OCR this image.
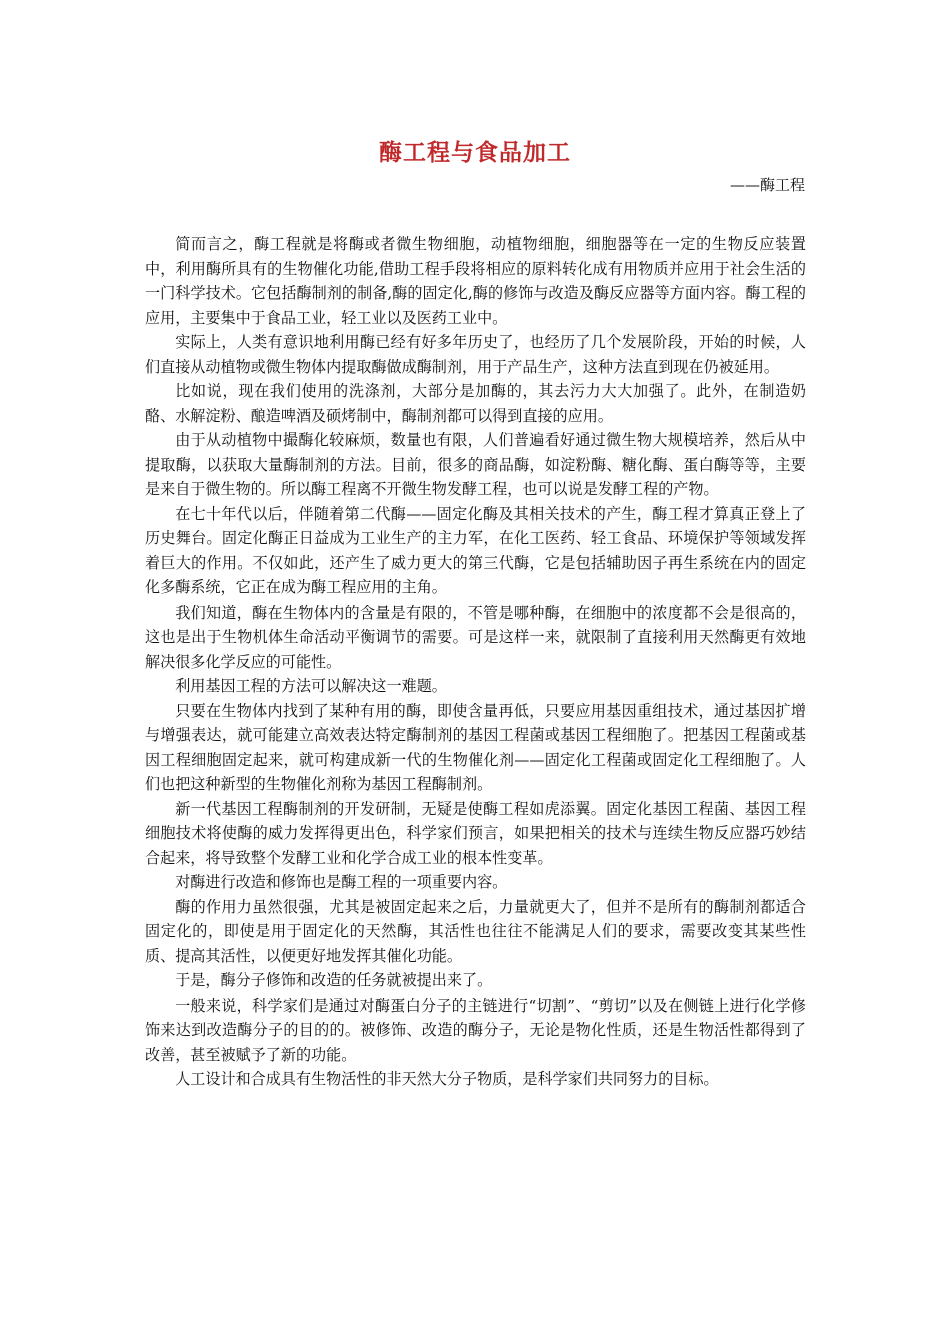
酶工程与食品加工
——酶工程

简而言之，酶工程就是将酶或者微生物细胞，动植物细胞，细胞器等在一定的生物反应装置中，利用酶所具有的生物催化功能,借助工程手段将相应的原料转化成有用物质并应用于社会生活的一门科学技术。它包括酶制剂的制备,酶的固定化,酶的修饰与改造及酶反应器等方面内容。酶工程的应用，主要集中于食品工业，轻工业以及医药工业中。

实际上，人类有意识地利用酶已经有好多年历史了，也经历了几个发展阶段，开始的时候，人们直接从动植物或微生物体内提取酶做成酶制剂，用于产品生产，这种方法直到现在仍被延用。

比如说，现在我们使用的洗涤剂，大部分是加酶的，其去污力大大加强了。此外，在制造奶酪、水解淀粉、酿造啤酒及硕烤制中，酶制剂都可以得到直接的应用。

由于从动植物中撮酶化较麻烦，数量也有限，人们普遍看好通过微生物大规模培养，然后从中提取酶，以获取大量酶制剂的方法。目前，很多的商品酶，如淀粉酶、糖化酶、蛋白酶等等，主要是来自于微生物的。所以酶工程离不开微生物发酵工程，也可以说是发酵工程的产物。

在七十年代以后，伴随着第二代酶——固定化酶及其相关技术的产生，酶工程才算真正登上了历史舞台。固定化酶正日益成为工业生产的主力军，在化工医药、轻工食品、环境保护等领域发挥着巨大的作用。不仅如此，还产生了威力更大的第三代酶，它是包括辅助因子再生系统在内的固定化多酶系统，它正在成为酶工程应用的主角。

我们知道，酶在生物体内的含量是有限的，不管是哪种酶，在细胞中的浓度都不会是很高的，这也是出于生物机体生命活动平衡调节的需要。可是这样一来，就限制了直接利用天然酶更有效地解决很多化学反应的可能性。

利用基因工程的方法可以解决这一难题。

只要在生物体内找到了某种有用的酶，即使含量再低，只要应用基因重组技术，通过基因扩增与增强表达，就可能建立高效表达特定酶制剂的基因工程菌或基因工程细胞了。把基因工程菌或基因工程细胞固定起来，就可构建成新一代的生物催化剂——固定化工程菌或固定化工程细胞了。人们也把这种新型的生物催化剂称为基因工程酶制剂。

新一代基因工程酶制剂的开发研制，无疑是使酶工程如虎添翼。固定化基因工程菌、基因工程细胞技术将使酶的威力发挥得更出色，科学家们预言，如果把相关的技术与连续生物反应器巧妙结合起来，将导致整个发酵工业和化学合成工业的根本性变革。

对酶进行改造和修饰也是酶工程的一项重要内容。

酶的作用力虽然很强，尤其是被固定起来之后，力量就更大了，但并不是所有的酶制剂都适合固定化的，即使是用于固定化的天然酶，其活性也往往不能满足人们的要求，需要改变其某些性质、提高其活性，以便更好地发挥其催化功能。

于是，酶分子修饰和改造的任务就被提出来了。

一般来说，科学家们是通过对酶蛋白分子的主链进行“切割”、“剪切”以及在侧链上进行化学修饰来达到改造酶分子的目的的。被修饰、改造的酶分子，无论是物化性质，还是生物活性都得到了改善，甚至被赋予了新的功能。

人工设计和合成具有生物活性的非天然大分子物质，是科学家们共同努力的目标。
